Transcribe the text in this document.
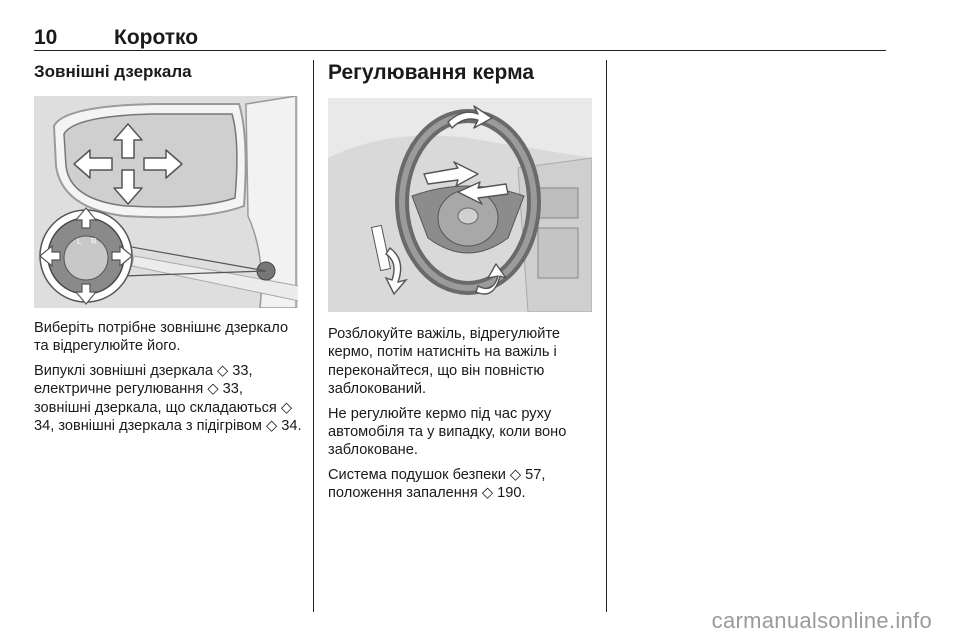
10	Коротко
Зовнішні дзеркала
L R

Виберіть потрібне зовнішнє дзеркало та відрегулюйте його.

Випуклі зовнішні дзеркала ◇ 33, електричне регулювання ◇ 33, зовнішні дзеркала, що складаються ◇ 34, зовнішні дзеркала з підігрівом ◇ 34.

Регулювання керма

Розблокуйте важіль, відрегулюйте кермо, потім натисніть на важіль і переконайтеся, що він повністю заблокований.

Не регулюйте кермо під час руху автомобіля та у випадку, коли воно заблоковане.

Система подушок безпеки ◇ 57, положення запалення ◇ 190.

carmanualsonline.info
